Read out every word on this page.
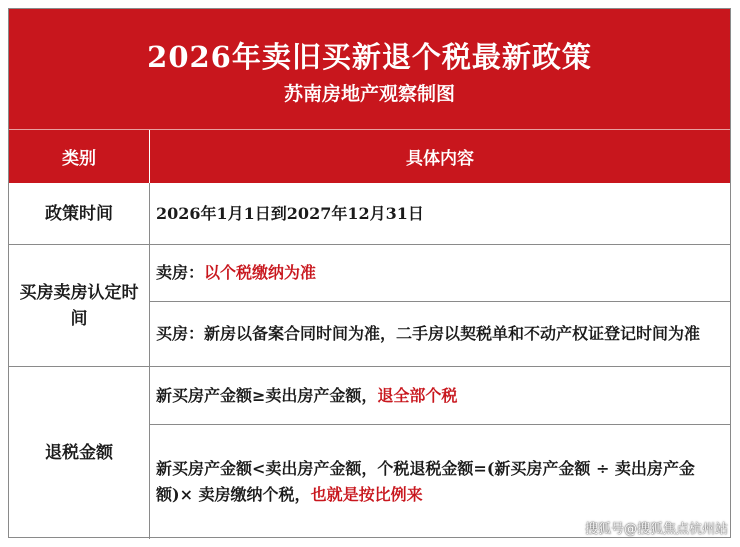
2026年卖旧买新退个税最新政策
苏南房地产观察制图
类别	具体内容
政策时间	2026年1月1日到2027年12月31日
买房卖房认定时间
卖房：以个税缴纳为准
买房：新房以备案合同时间为准，二手房以契税单和不动产权证登记时间为准
退税金额
新买房产金额≥卖出房产金额，退全部个税
新买房产金额<卖出房产金额，个税退税金额=(新买房产金额 ÷ 卖出房产金额)× 卖房缴纳个税，也就是按比例来
搜狐号@搜狐焦点杭州站
